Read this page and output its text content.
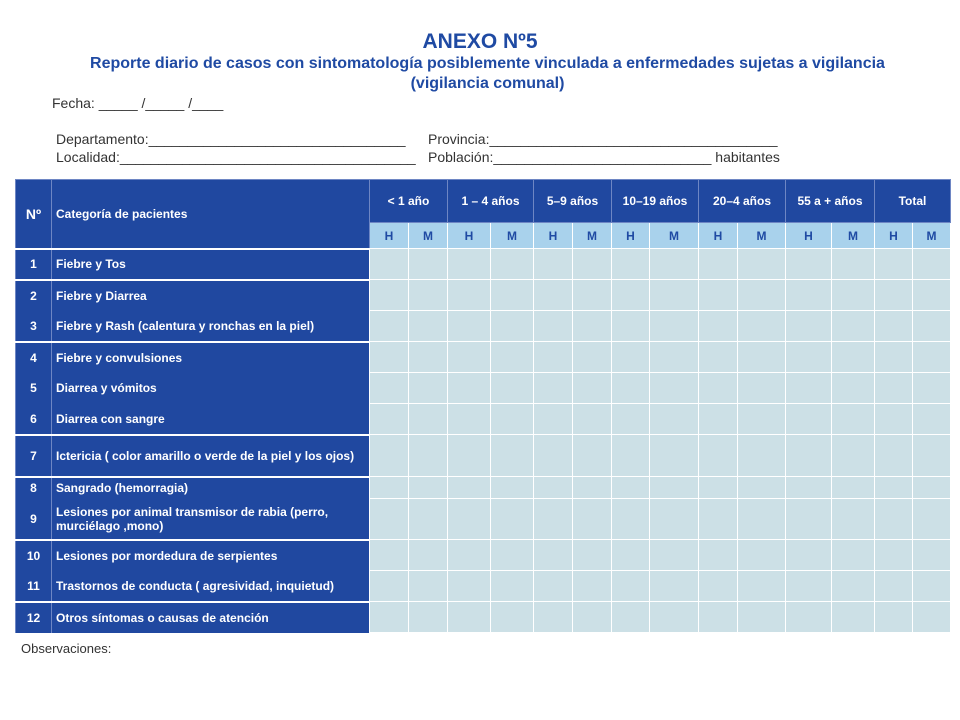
ANEXO Nº5
Reporte diario de casos con sintomatología posiblemente vinculada a enfermedades sujetas a vigilancia
(vigilancia comunal)
Fecha: _____ /_____ /____
Departamento:_________________________________ Provincia:_____________________________________
Localidad:______________________________________ Población:____________________________ habitantes
Nº	Categoría de pacientes	< 1 año		1 – 4 años		5–9 años		10–19 años		20–4 años		55 a + años		Total	
		H	M	H	M	H	M	H	M	H	M	H	M	H	M
1	Fiebre y Tos														
2	Fiebre y Diarrea														
3	Fiebre y Rash (calentura y ronchas en la piel)														
4	Fiebre y convulsiones														
5	Diarrea y vómitos														
6	Diarrea con sangre														
7	Ictericia ( color amarillo o verde de la piel y los ojos)														
8	Sangrado (hemorragia)														
9	Lesiones por animal transmisor de rabia (perro, murciélago ,mono)														
10	Lesiones por mordedura de serpientes														
11	Trastornos de conducta ( agresividad, inquietud)														
12	Otros síntomas o causas de atención														
Observaciones:
